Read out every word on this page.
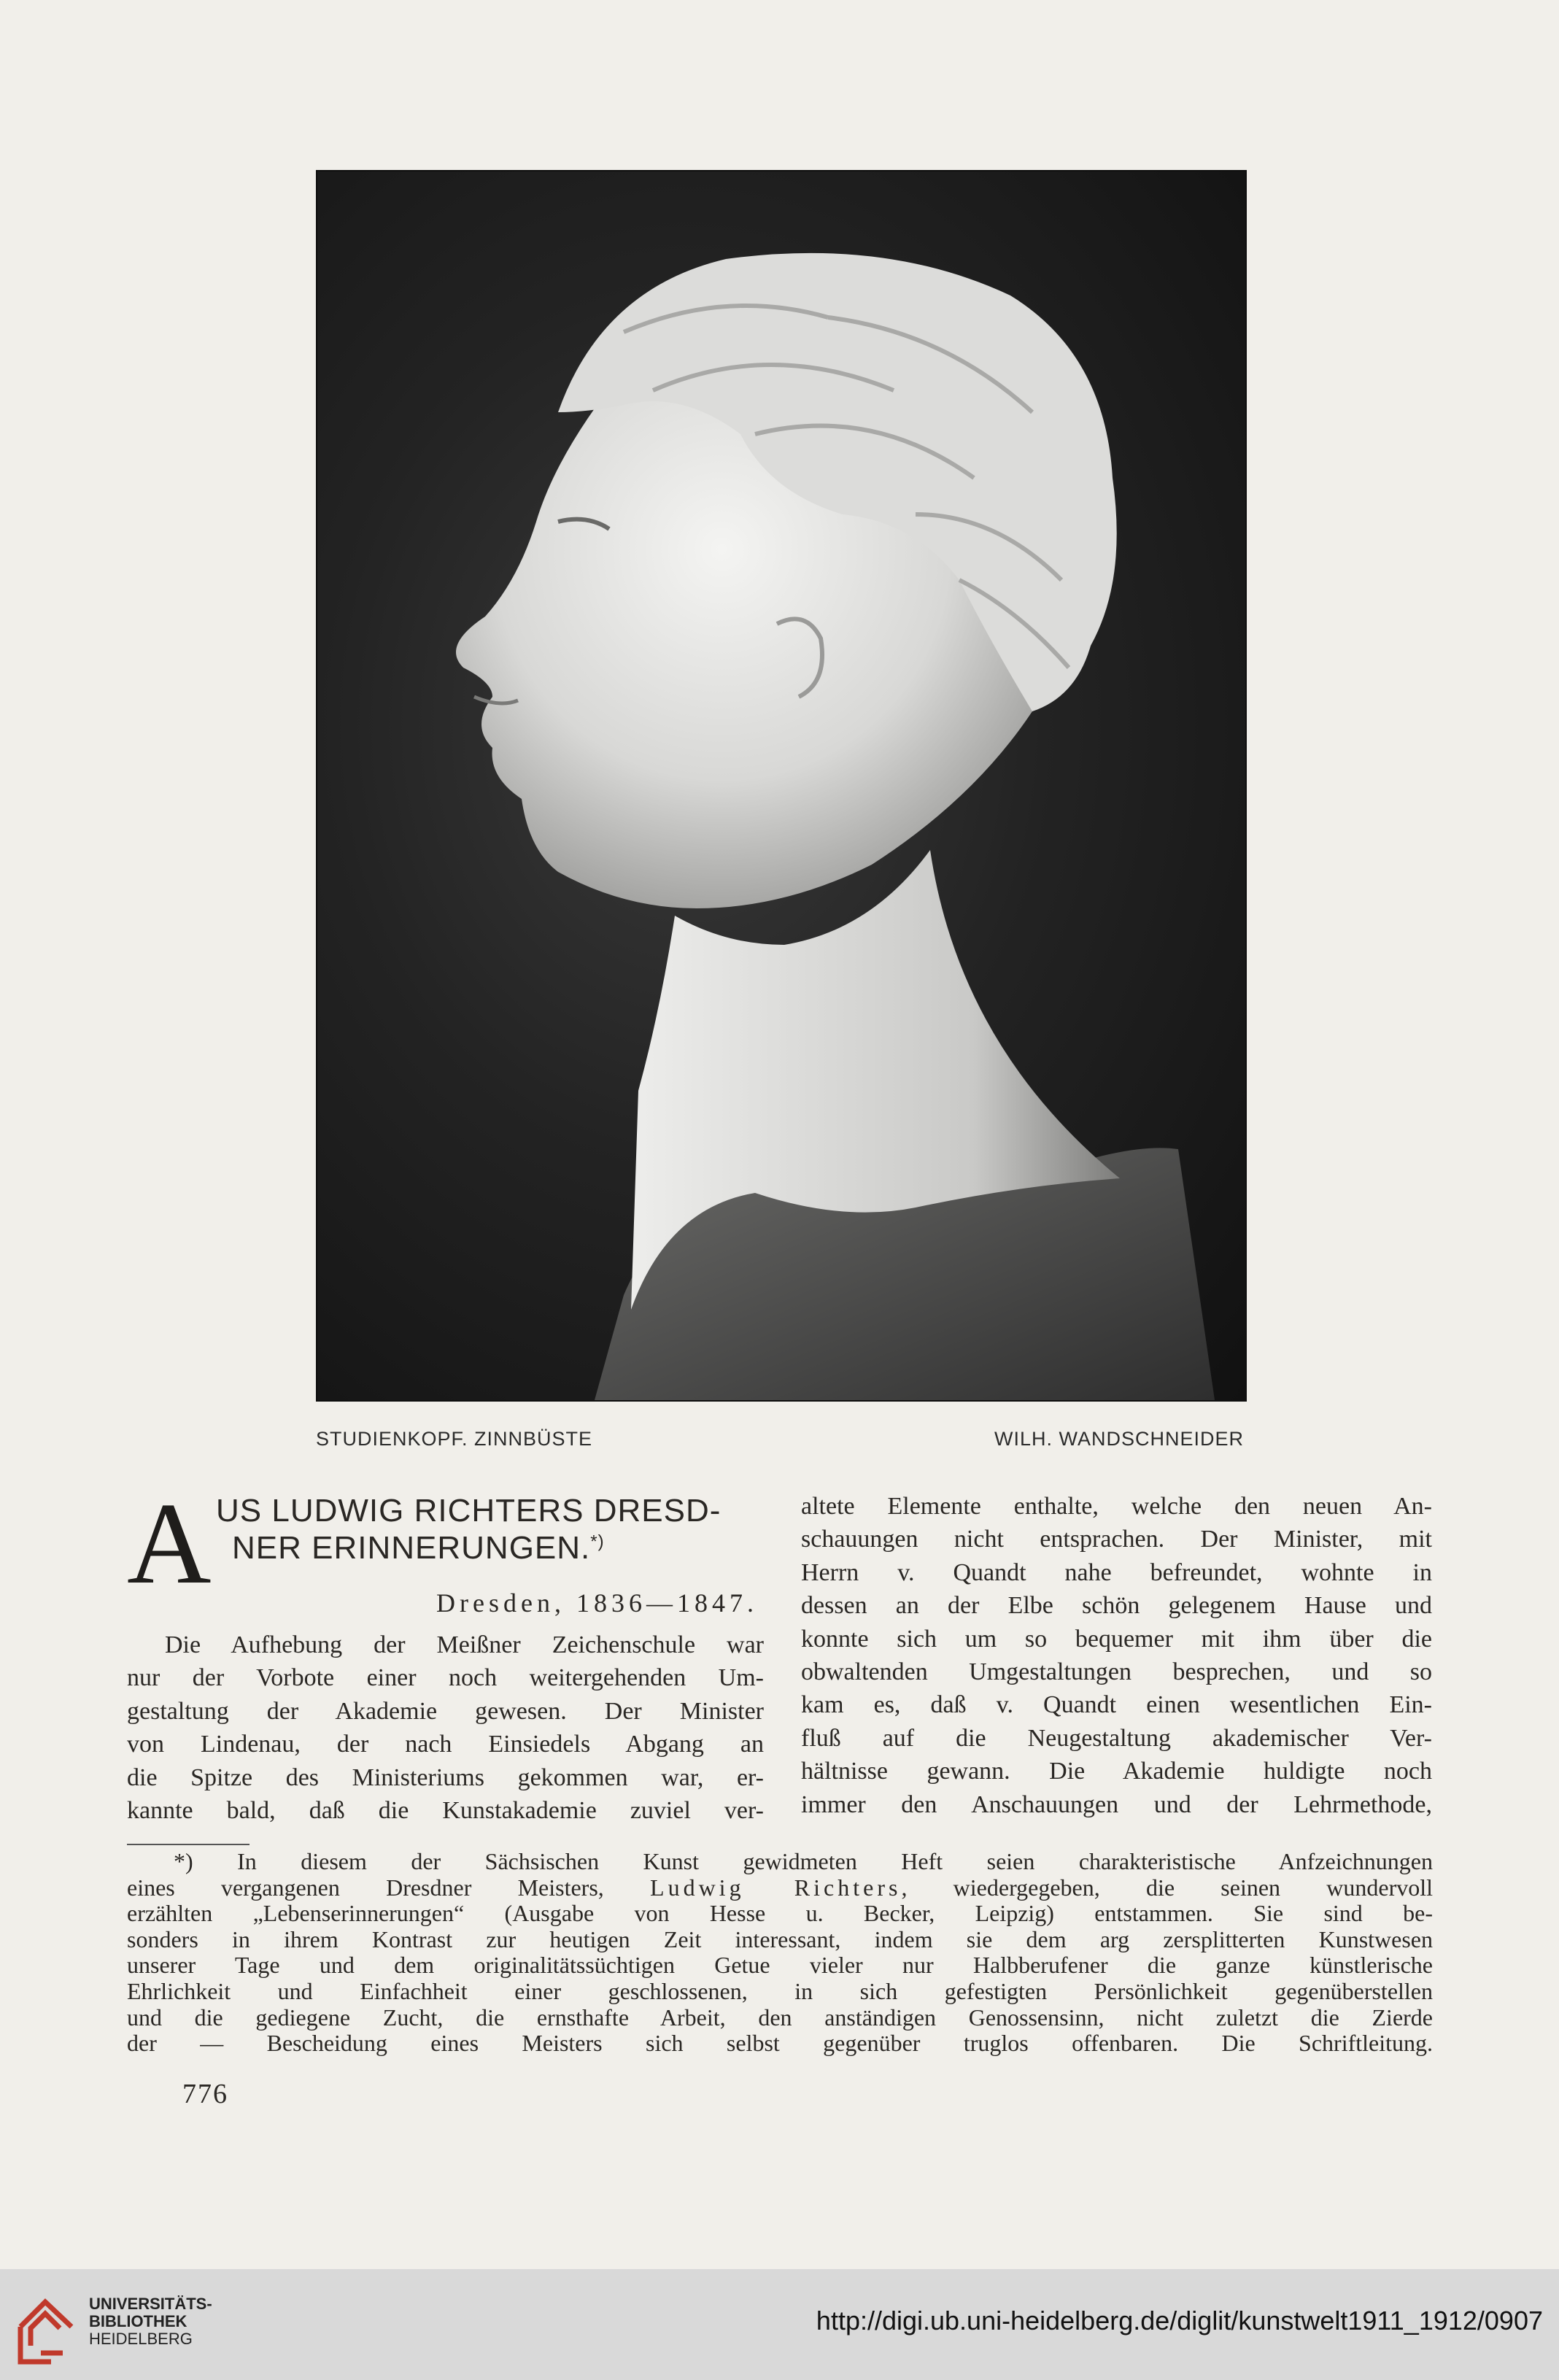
STUDIENKOPF. ZINNBÜSTE	WILH. WANDSCHNEIDER
A US LUDWIG RICHTERS DRESD-
NER ERINNERUNGEN.*)
Dresden, 1836—1847.
Die Aufhebung der Meißner Zeichenschule war
nur der Vorbote einer noch weitergehenden Um-
gestaltung der Akademie gewesen. Der Minister
von Lindenau, der nach Einsiedels Abgang an
die Spitze des Ministeriums gekommen war, er-
kannte bald, daß die Kunstakademie zuviel ver-
altete Elemente enthalte, welche den neuen An-
schauungen nicht entsprachen. Der Minister, mit
Herrn v. Quandt nahe befreundet, wohnte in
dessen an der Elbe schön gelegenem Hause und
konnte sich um so bequemer mit ihm über die
obwaltenden Umgestaltungen besprechen, und so
kam es, daß v. Quandt einen wesentlichen Ein-
fluß auf die Neugestaltung akademischer Ver-
hältnisse gewann. Die Akademie huldigte noch
immer den Anschauungen und der Lehrmethode,
*) In diesem der Sächsischen Kunst gewidmeten Heft seien charakteristische Anfzeichnungen
eines vergangenen Dresdner Meisters, Ludwig Richters, wiedergegeben, die seinen wundervoll
erzählten „Lebenserinnerungen“ (Ausgabe von Hesse u. Becker, Leipzig) entstammen. Sie sind be-
sonders in ihrem Kontrast zur heutigen Zeit interessant, indem sie dem arg zersplitterten Kunstwesen
unserer Tage und dem originalitätssüchtigen Getue vieler nur Halbberufener die ganze künstlerische
Ehrlichkeit und Einfachheit einer geschlossenen, in sich gefestigten Persönlichkeit gegenüberstellen
und die gediegene Zucht, die ernsthafte Arbeit, den anständigen Genossensinn, nicht zuletzt die Zierde
der — Bescheidung eines Meisters sich selbst gegenüber truglos offenbaren. Die Schriftleitung.
776
UNIVERSITÄTS-
BIBLIOTHEK
HEIDELBERG
http://digi.ub.uni-heidelberg.de/diglit/kunstwelt1911_1912/0907
